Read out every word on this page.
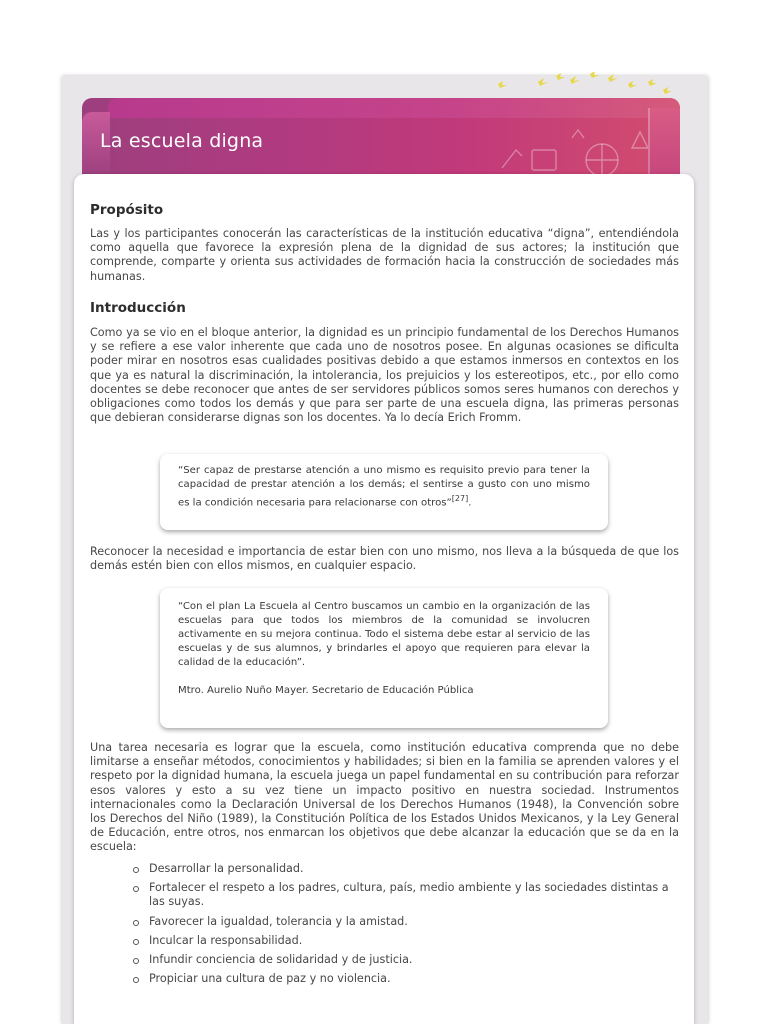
La escuela digna
Propósito

Las y los participantes conocerán las características de la institución educativa “digna”, entendiéndola como aquella que favorece la expresión plena de la dignidad de sus actores; la institución que comprende, comparte y orienta sus actividades de formación hacia la construcción de sociedades más humanas.

Introducción

Como ya se vio en el bloque anterior, la dignidad es un principio fundamental de los Derechos Humanos y se refiere a ese valor inherente que cada uno de nosotros posee. En algunas ocasiones se dificulta poder mirar en nosotros esas cualidades positivas debido a que estamos inmersos en contextos en los que ya es natural la discriminación, la intolerancia, los prejuicios y los estereotipos, etc., por ello como docentes se debe reconocer que antes de ser servidores públicos somos seres humanos con derechos y obligaciones como todos los demás y que para ser parte de una escuela digna, las primeras personas que debieran considerarse dignas son los docentes. Ya lo decía Erich Fromm.

“Ser capaz de prestarse atención a uno mismo es requisito previo para tener la capacidad de prestar atención a los demás; el sentirse a gusto con uno mismo es la condición necesaria para relacionarse con otros”[27].

Reconocer la necesidad e importancia de estar bien con uno mismo, nos lleva a la búsqueda de que los demás estén bien con ellos mismos, en cualquier espacio.

“Con el plan La Escuela al Centro buscamos un cambio en la organización de las escuelas para que todos los miembros de la comunidad se involucren activamente en su mejora continua. Todo el sistema debe estar al servicio de las escuelas y de sus alumnos, y brindarles el apoyo que requieren para elevar la calidad de la educación”.
Mtro. Aurelio Nuño Mayer. Secretario de Educación Pública

Una tarea necesaria es lograr que la escuela, como institución educativa comprenda que no debe limitarse a enseñar métodos, conocimientos y habilidades; si bien en la familia se aprenden valores y el respeto por la dignidad humana, la escuela juega un papel fundamental en su contribución para reforzar esos valores y esto a su vez tiene un impacto positivo en nuestra sociedad. Instrumentos internacionales como la Declaración Universal de los Derechos Humanos (1948), la Convención sobre los Derechos del Niño (1989), la Constitución Política de los Estados Unidos Mexicanos, y la Ley General de Educación, entre otros, nos enmarcan los objetivos que debe alcanzar la educación que se da en la escuela:

Desarrollar la personalidad.
Fortalecer el respeto a los padres, cultura, país, medio ambiente y las sociedades distintas a las suyas.
Favorecer la igualdad, tolerancia y la amistad.
Inculcar la responsabilidad.
Infundir conciencia de solidaridad y de justicia.
Propiciar una cultura de paz y no violencia.
